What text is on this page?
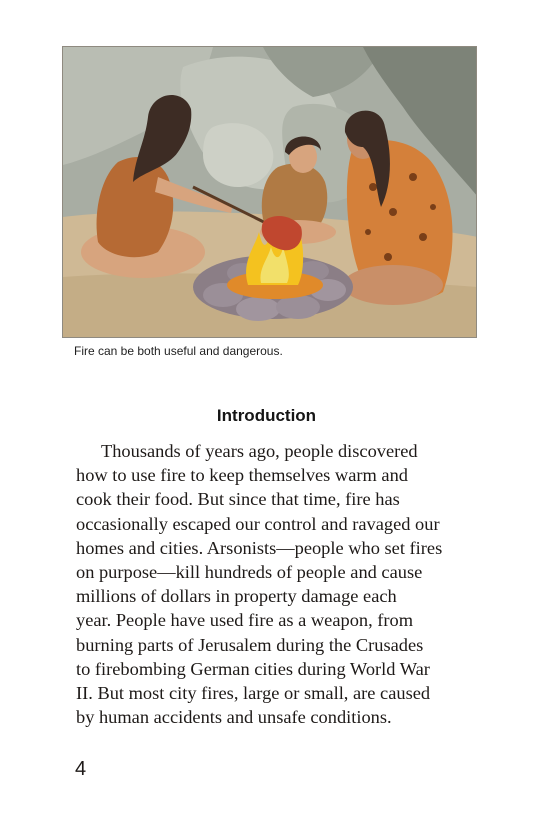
Fire can be both useful and dangerous.
Introduction
Thousands of years ago, people discovered
how to use fire to keep themselves warm and
cook their food. But since that time, fire has
occasionally escaped our control and ravaged our
homes and cities. Arsonists—people who set fires
on purpose—kill hundreds of people and cause
millions of dollars in property damage each
year. People have used fire as a weapon, from
burning parts of Jerusalem during the Crusades
to firebombing German cities during World War
II. But most city fires, large or small, are caused
by human accidents and unsafe conditions.
4
